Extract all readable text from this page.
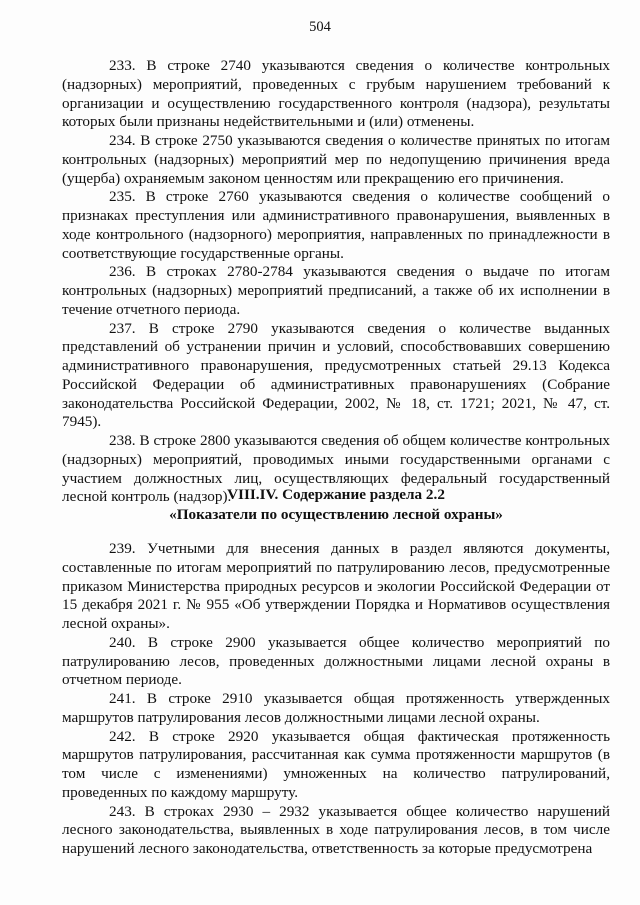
504

233. В строке 2740 указываются сведения о количестве контрольных (надзорных) мероприятий, проведенных с грубым нарушением требований к организации и осуществлению государственного контроля (надзора), результаты которых были признаны недействительными и (или) отменены.

234. В строке 2750 указываются сведения о количестве принятых по итогам контрольных (надзорных) мероприятий мер по недопущению причинения вреда (ущерба) охраняемым законом ценностям или прекращению его причинения.

235. В строке 2760 указываются сведения о количестве сообщений о признаках преступления или административного правонарушения, выявленных в ходе контрольного (надзорного) мероприятия, направленных по принадлежности в соответствующие государственные органы.

236. В строках 2780-2784 указываются сведения о выдаче по итогам контрольных (надзорных) мероприятий предписаний, а также об их исполнении в течение отчетного периода.

237. В строке 2790 указываются сведения о количестве выданных представлений об устранении причин и условий, способствовавших совершению административного правонарушения, предусмотренных статьей 29.13 Кодекса Российской Федерации об административных правонарушениях (Собрание законодательства Российской Федерации, 2002, № 18, ст. 1721; 2021, № 47, ст. 7945).

238. В строке 2800 указываются сведения об общем количестве контрольных (надзорных) мероприятий, проводимых иными государственными органами с участием должностных лиц, осуществляющих федеральный государственный лесной контроль (надзор).

VIII.IV. Содержание раздела 2.2
«Показатели по осуществлению лесной охраны»

239. Учетными для внесения данных в раздел являются документы, составленные по итогам мероприятий по патрулированию лесов, предусмотренные приказом Министерства природных ресурсов и экологии Российской Федерации от 15 декабря 2021 г. № 955 «Об утверждении Порядка и Нормативов осуществления лесной охраны».

240. В строке 2900 указывается общее количество мероприятий по патрулированию лесов, проведенных должностными лицами лесной охраны в отчетном периоде.

241. В строке 2910 указывается общая протяженность утвержденных маршрутов патрулирования лесов должностными лицами лесной охраны.

242. В строке 2920 указывается общая фактическая протяженность маршрутов патрулирования, рассчитанная как сумма протяженности маршрутов (в том числе с изменениями) умноженных на количество патрулирований, проведенных по каждому маршруту.

243. В строках 2930 – 2932 указывается общее количество нарушений лесного законодательства, выявленных в ходе патрулирования лесов, в том числе нарушений лесного законодательства, ответственность за которые предусмотрена
